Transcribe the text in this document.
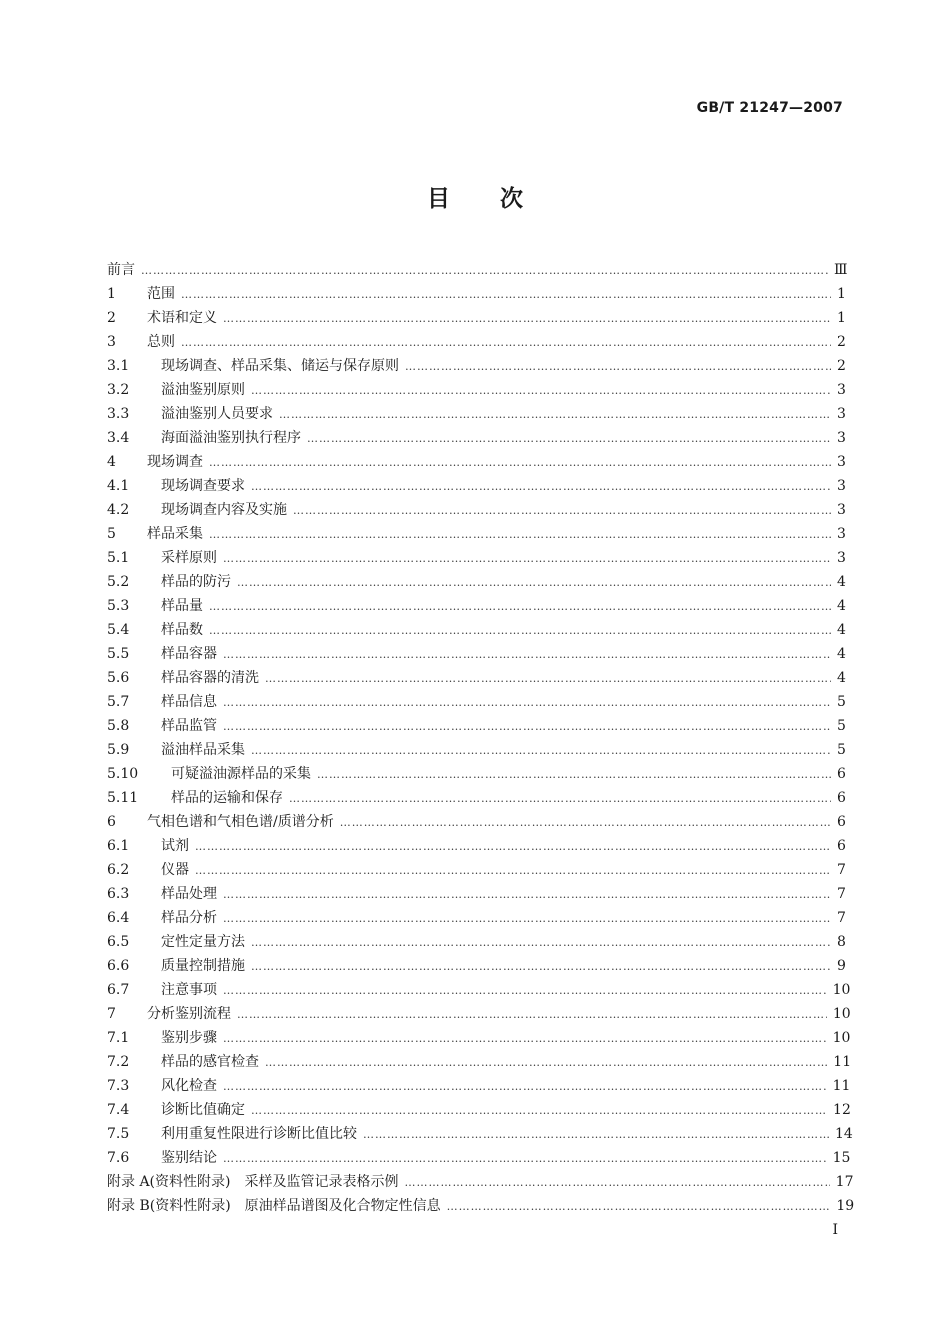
GB/T 21247—2007
目 次
前言 ……………………………………………………………………………………………………………………………………………………………………………………………………………………………………	Ⅲ
1 范围 ……………………………………………………………………………………………………………………………………………………………………………………………………………………………………	1
2 术语和定义 ……………………………………………………………………………………………………………………………………………………………………………………………………………………………………	1
3 总则 ……………………………………………………………………………………………………………………………………………………………………………………………………………………………………	2
3.1 现场调查、样品采集、储运与保存原则 ……………………………………………………………………………………………………………………………………………………………………………………………………………………………………	2
3.2 溢油鉴别原则 ……………………………………………………………………………………………………………………………………………………………………………………………………………………………………	3
3.3 溢油鉴别人员要求 ……………………………………………………………………………………………………………………………………………………………………………………………………………………………………	3
3.4 海面溢油鉴别执行程序 ……………………………………………………………………………………………………………………………………………………………………………………………………………………………………	3
4 现场调查 ……………………………………………………………………………………………………………………………………………………………………………………………………………………………………	3
4.1 现场调查要求 ……………………………………………………………………………………………………………………………………………………………………………………………………………………………………	3
4.2 现场调查内容及实施 ……………………………………………………………………………………………………………………………………………………………………………………………………………………………………	3
5 样品采集 ……………………………………………………………………………………………………………………………………………………………………………………………………………………………………	3
5.1 采样原则 ……………………………………………………………………………………………………………………………………………………………………………………………………………………………………	3
5.2 样品的防污 ……………………………………………………………………………………………………………………………………………………………………………………………………………………………………	4
5.3 样品量 ……………………………………………………………………………………………………………………………………………………………………………………………………………………………………	4
5.4 样品数 ……………………………………………………………………………………………………………………………………………………………………………………………………………………………………	4
5.5 样品容器 ……………………………………………………………………………………………………………………………………………………………………………………………………………………………………	4
5.6 样品容器的清洗 ……………………………………………………………………………………………………………………………………………………………………………………………………………………………………	4
5.7 样品信息 ……………………………………………………………………………………………………………………………………………………………………………………………………………………………………	5
5.8 样品监管 ……………………………………………………………………………………………………………………………………………………………………………………………………………………………………	5
5.9 溢油样品采集 ……………………………………………………………………………………………………………………………………………………………………………………………………………………………………	5
5.10 可疑溢油源样品的采集 ……………………………………………………………………………………………………………………………………………………………………………………………………………………………………	6
5.11 样品的运输和保存 ……………………………………………………………………………………………………………………………………………………………………………………………………………………………………	6
6 气相色谱和气相色谱/质谱分析 ……………………………………………………………………………………………………………………………………………………………………………………………………………………………………	6
6.1 试剂 ……………………………………………………………………………………………………………………………………………………………………………………………………………………………………	6
6.2 仪器 ……………………………………………………………………………………………………………………………………………………………………………………………………………………………………	7
6.3 样品处理 ……………………………………………………………………………………………………………………………………………………………………………………………………………………………………	7
6.4 样品分析 ……………………………………………………………………………………………………………………………………………………………………………………………………………………………………	7
6.5 定性定量方法 ……………………………………………………………………………………………………………………………………………………………………………………………………………………………………	8
6.6 质量控制措施 ……………………………………………………………………………………………………………………………………………………………………………………………………………………………………	9
6.7 注意事项 ……………………………………………………………………………………………………………………………………………………………………………………………………………………………………	10
7 分析鉴别流程 ……………………………………………………………………………………………………………………………………………………………………………………………………………………………………	10
7.1 鉴别步骤 ……………………………………………………………………………………………………………………………………………………………………………………………………………………………………	10
7.2 样品的感官检查 ……………………………………………………………………………………………………………………………………………………………………………………………………………………………………	11
7.3 风化检查 ……………………………………………………………………………………………………………………………………………………………………………………………………………………………………	11
7.4 诊断比值确定 ……………………………………………………………………………………………………………………………………………………………………………………………………………………………………	12
7.5 利用重复性限进行诊断比值比较 ……………………………………………………………………………………………………………………………………………………………………………………………………………………………………	14
7.6 鉴别结论 ……………………………………………………………………………………………………………………………………………………………………………………………………………………………………	15
附录 A(资料性附录) 采样及监管记录表格示例 ……………………………………………………………………………………………………………………………………………………………………………………………………………………………………	17
附录 B(资料性附录) 原油样品谱图及化合物定性信息 ……………………………………………………………………………………………………………………………………………………………………………………………………………………………………	19
Ⅰ
